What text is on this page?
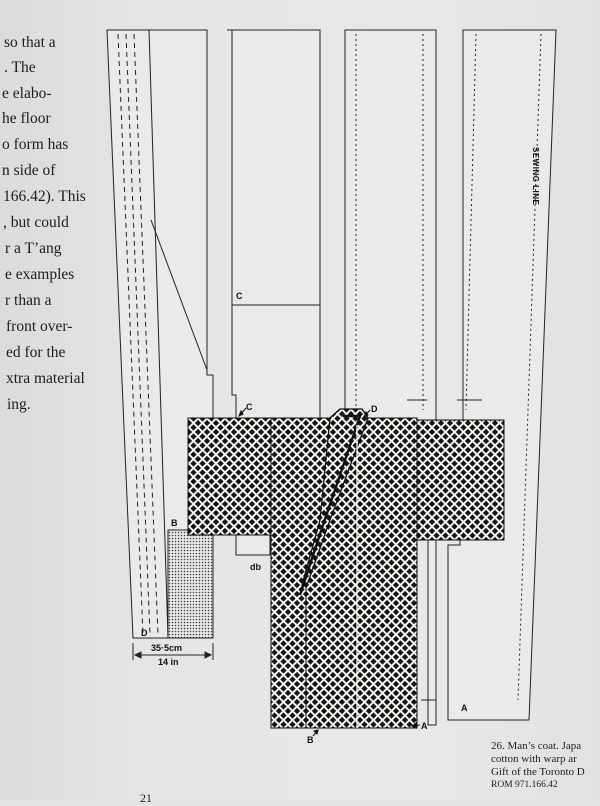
so that a
. The
e elabo-
he floor
o form has
n side of
166.42). This
, but could
r a T’ang
e examples
r than a
front over-
ed for the
xtra material
ing.
C
C	D
D
B
B
A
A
db
SEWING LINE
35·5cm
14 in
26. Man’s coat. Japa
cotton with warp ar
Gift of the Toronto D
ROM 971.166.42
21
